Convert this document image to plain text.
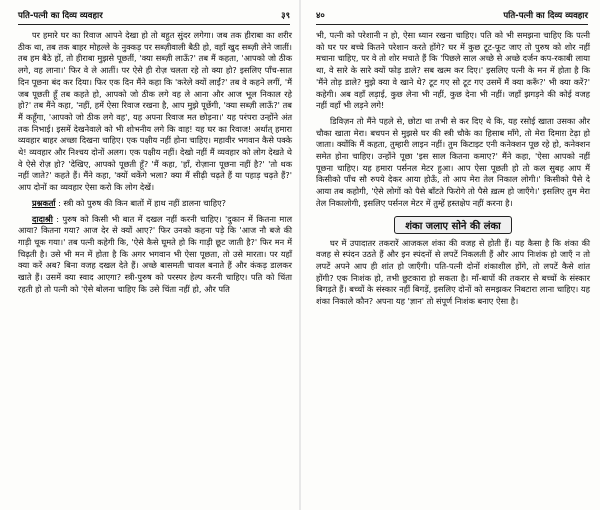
पति-पत्नी का दिव्य व्यवहार	३९

पर हमारे घर का रिवाज आपने देखा हो तो बहुत सुंदर लगेगा। जब तक हीराबा का शरीर ठीक था, तब तक बाहर मोहल्ले के नुक्कड़ पर सब्ज़ीवाली बैठी हो, वहाँ खुद सब्ज़ी लेने जातीं। तब हम बैठे हों, तो हीराबा मुझसे पूछतीं, 'क्या सब्ज़ी लाऊँ?' तब मैं कहता, 'आपको जो ठीक लगे, वह लाना।' फिर वे ले आतीं। पर ऐसे ही रोज़ चलता रहे तो क्या हो? इसलिए पाँच-सात दिन पूछना बंद कर दिया। फिर एक दिन मैंने कहा कि 'करेले क्यों लाईं?' तब वे कहने लगीं, 'मैं जब पूछती हूँ तब कहते हो, आपको जो ठीक लगे वह ले आना और आज भूल निकाल रहे हो?' तब मैंने कहा, 'नहीं, हमें ऐसा रिवाज रखना है, आप मुझे पूछेंगी, 'क्या सब्ज़ी लाऊँ?' तब मैं कहूँगा, 'आपको जो ठीक लगे वह', यह अपना रिवाज मत छोड़ना।' यह परंपरा उन्होंने अंत तक निभाई। इसमें देखनेवाले को भी शोभनीय लगे कि वाह! यह घर का रिवाज! अर्थात् हमारा व्यवहार बाहर अच्छा दिखना चाहिए। एक पक्षीय नहीं होना चाहिए। महावीर भगवान कैसे पक्के थे! व्यवहार और निश्चय दोनों अलग। एक पक्षीय नहीं। देखो नहीं मैं व्यवहार को लोग देखते थे वे ऐसे रोज़ हो? 'देखिए, आपको पूछती हूँ? 'मैं कहा, 'हाँ, रोज़ाना पूछना नहीं है?' 'तो थक नहीं जाते?' कहते हैं। मैंने कहा, 'क्यों थकेंगे भला? क्या मैं सीढ़ी चढ़ते हैं या पहाड़ चढ़ते हैं?' आप दोनों का व्यवहार ऐसा करो कि लोग देखें।

प्रश्नकर्ता : स्त्री को पुरुष की किन बातों में हाथ नहीं डालना चाहिए?

दादाश्री : पुरुष को किसी भी बात में दखल नहीं करनी चाहिए। 'दुकान में कितना माल आया? कितना गया? आज देर से क्यों आए?' फिर उनको कहना पड़े कि 'आज नौ बजे की गाड़ी चूक गया।' तब पत्नी कहेगी कि, 'ऐसे कैसे घूमते हो कि गाड़ी छूट जाती है?' फिर मन में चिढ़ती है। उसे भी मन में होता है कि अगर भगवान भी ऐसा पूछता, तो उसे मारता। पर यहाँ क्या करें अब? बिना वजह दखल देते हैं। अच्छे बासमती चावल बनाते हैं और कंकड़ डालकर खाते हैं। उसमें क्या स्वाद आएगा? स्त्री-पुरुष को परस्पर हेल्प करनी चाहिए। पति को चिंता रहती हो तो पत्नी को 'ऐसे बोलना चाहिए कि उसे चिंता नहीं हो, और पति

४०	पति-पत्नी का दिव्य व्यवहार

भी, पत्नी को परेशानी न हो, ऐसा ध्यान रखना चाहिए। पति को भी समझना चाहिए कि पत्नी को घर पर बच्चे कितने परेशान करते होंगे? घर में कुछ टूट-फूट जाए तो पुरुष को शोर नहीं मचाना चाहिए, पर वे तो शोर मचाते हैं कि 'पिछले साल अच्छे से अच्छे दर्जन कप-रकाबी लाया था, वे सारे के सारे क्यों फोड़ डाले? सब खत्म कर दिए।' इसलिए पत्नी के मन में होता है कि 'मैंने तोड़ डाले? मुझे क्या वे खाने थे? टूट गए सो टूट गए उसमें मैं क्या करूँ?' भी क्या करें?' कहेगी। अब वहाँ लड़ाई, कुछ लेना भी नहीं, कुछ देना भी नहीं। जहाँ झगड़ने की कोई वजह नहीं वहाँ भी लड़ने लगे!

डिविज़न तो मैंने पहले से, छोटा था तभी से कर दिए थे कि, यह रसोई खाता उसका और चौका खाता मेरा। बचपन से मुझसे घर की स्त्री चौके का हिसाब माँगे, तो मेरा दिमाग़ टेढ़ा हो जाता। क्योंकि मैं कहता, तुम्हारी लाइन नहीं। तुम किटाइट एनी कनेक्शन पूछ रहे हो, कनेक्शन समेत होना चाहिए। उन्होंने पूछा 'इस साल कितना कमाए?' मैंने कहा, 'ऐसा आपको नहीं पूछना चाहिए। यह हमारा पर्सनल मेटर हुआ। आप ऐसा पूछती हो तो कल सुबह आप मैं किसीको पाँच सौ रुपये देकर आया होऊँ, तो आप मेरा तेल निकाल लोगी।' किसीको पैसे दे आया तब कहोगी, 'ऐसे लोगों को पैसे बाँटते फिरोगे तो पैसे ख़त्म हो जाएँगे।' इसलिए तुम मेरा तेल निकालोगी, इसलिए पर्सनल मेटर में तुम्हें हस्तक्षेप नहीं करना है।

शंका जलाए सोने की लंका

घर में उपादातर तकरारें आजकल शंका की वजह से होती हैं। यह कैसा है कि शंका की वजह से स्पंदन उठते हैं और इन स्पंदनों से लपटें निकलती हैं और आप निःशंक हो जाएँ न तो लपटें अपने आप ही शांत हो जाएँगी। पति-पत्नी दोनों शंकाशील होंगे, तो लपटें कैसे शांत होंगी? एक निःशंक हो, तभी छुटकारा हो सकता है। माँ-बापों की तकरार से बच्चों के संस्कार बिगड़ते हैं। बच्चों के संस्कार नहीं बिगड़ें, इसलिए दोनों को समझकर निबटारा लाना चाहिए। यह शंका निकाले कौन? अपना यह 'ज्ञान' तो संपूर्ण निःशंक बनाए ऐसा है।
